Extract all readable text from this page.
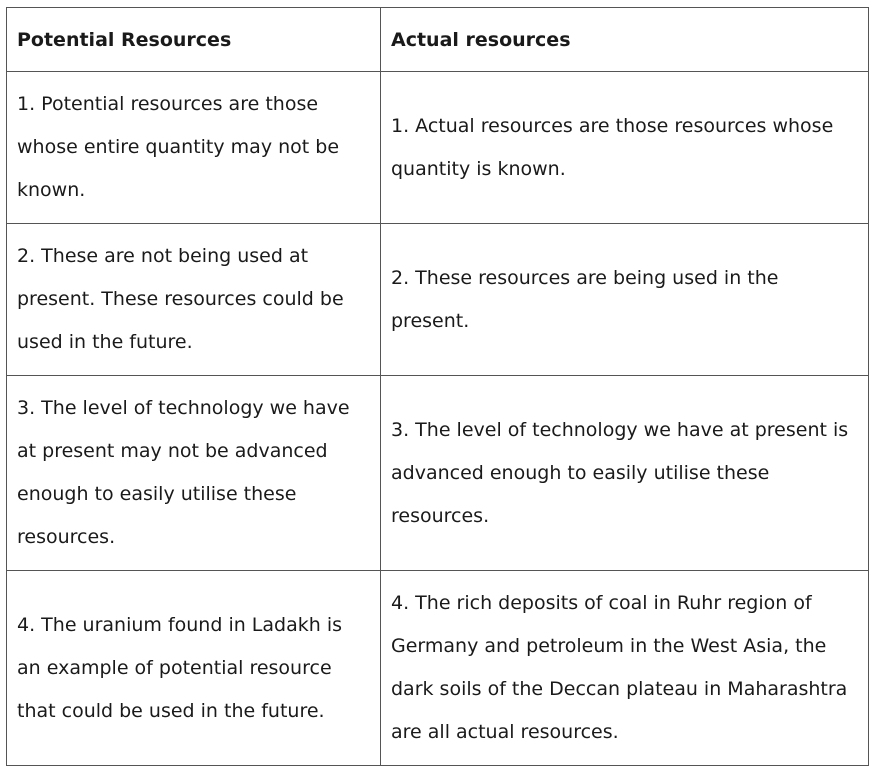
Potential Resources	Actual resources
1. Potential resources are those whose entire quantity may not be known.	1. Actual resources are those resources whose quantity is known.
2. These are not being used at present. These resources could be used in the future.	2. These resources are being used in the present.
3. The level of technology we have at present may not be advanced enough to easily utilise these resources.	3. The level of technology we have at present is advanced enough to easily utilise these resources.
4. The uranium found in Ladakh is an example of potential resource that could be used in the future.	4. The rich deposits of coal in Ruhr region of Germany and petroleum in the West Asia, the dark soils of the Deccan plateau in Maharashtra are all actual resources.
